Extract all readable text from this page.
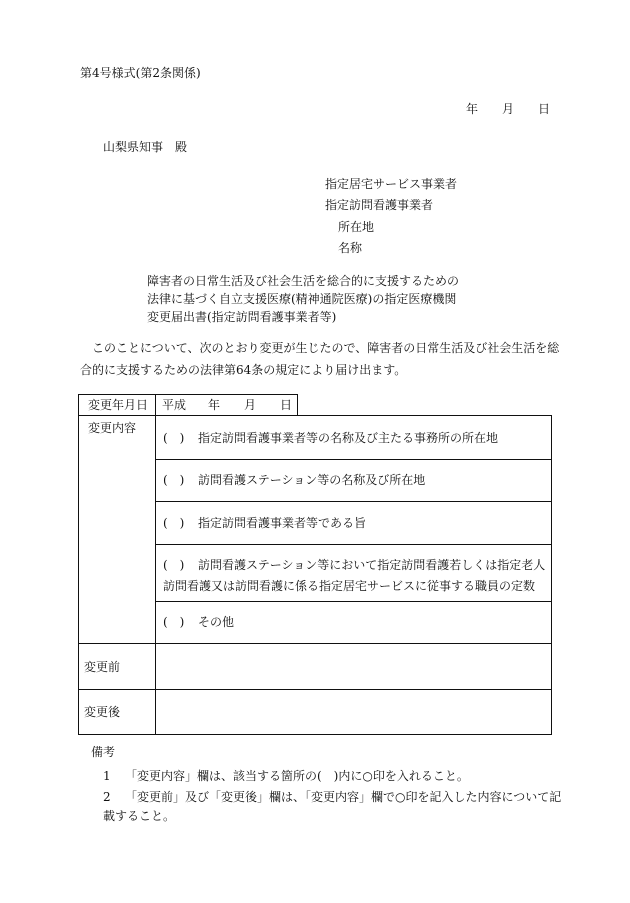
第4号様式(第2条関係)
年 月 日
山梨県知事　殿
指定居宅サービス事業者
指定訪問看護事業者
所在地
名称
障害者の日常生活及び社会生活を総合的に支援するための
法律に基づく自立支援医療(精神通院医療)の指定医療機関
変更届出書(指定訪問看護事業者等)
このことについて、次のとおり変更が生じたので、障害者の日常生活及び社会生活を総
合的に支援するための法律第64条の規定により届け出ます。
変更年月日 平成 年 月 日
変更内容
(　) 指定訪問看護事業者等の名称及び主たる事務所の所在地
(　) 訪問看護ステーション等の名称及び所在地
(　) 指定訪問看護事業者等である旨
(　) 訪問看護ステーション等において指定訪問看護若しくは指定老人
訪問看護又は訪問看護に係る指定居宅サービスに従事する職員の定数
(　) その他
変更前
変更後
備考
1 「変更内容」欄は、該当する箇所の(　)内に○印を入れること。
2 「変更前」及び「変更後」欄は、「変更内容」欄で○印を記入した内容について記
載すること。
